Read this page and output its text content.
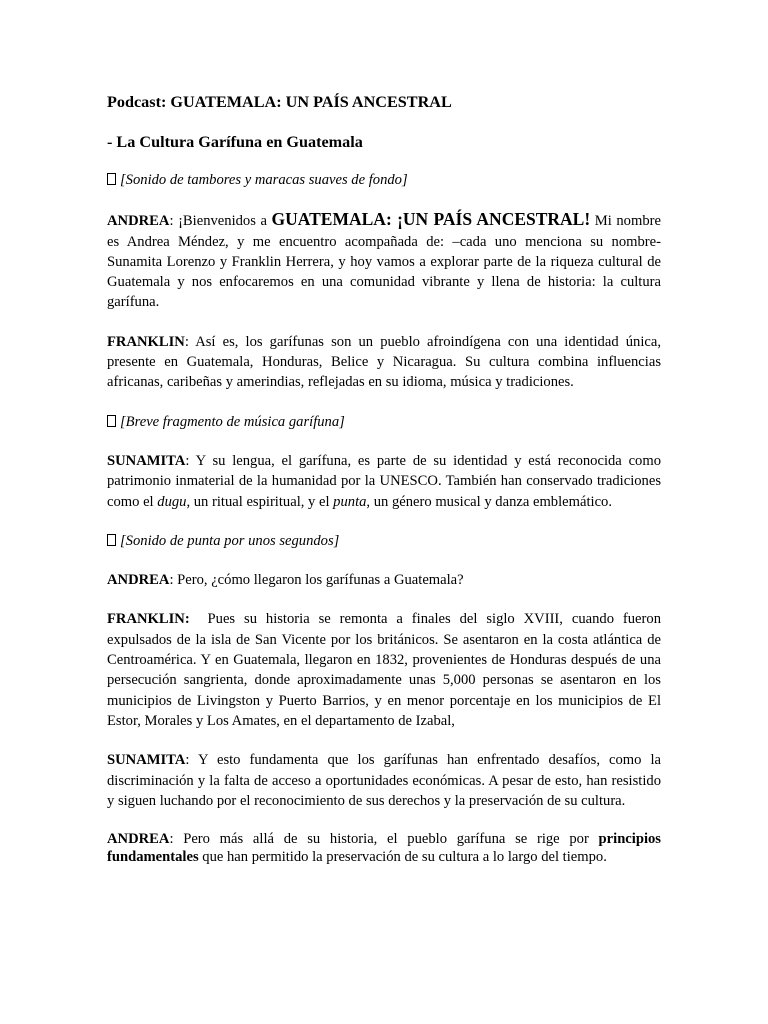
Podcast: GUATEMALA: UN PAÍS ANCESTRAL

- La Cultura Garífuna en Guatemala

[Sonido de tambores y maracas suaves de fondo]

ANDREA: ¡Bienvenidos a GUATEMALA: ¡UN PAÍS ANCESTRAL! Mi nombre es Andrea Méndez, y me encuentro acompañada de: –cada uno menciona su nombre- Sunamita Lorenzo y Franklin Herrera, y hoy vamos a explorar parte de la riqueza cultural de Guatemala y nos enfocaremos en una comunidad vibrante y llena de historia: la cultura garífuna.

FRANKLIN: Así es, los garífunas son un pueblo afroindígena con una identidad única, presente en Guatemala, Honduras, Belice y Nicaragua. Su cultura combina influencias africanas, caribeñas y amerindias, reflejadas en su idioma, música y tradiciones.

[Breve fragmento de música garífuna]

SUNAMITA: Y su lengua, el garífuna, es parte de su identidad y está reconocida como patrimonio inmaterial de la humanidad por la UNESCO. También han conservado tradiciones como el dugu, un ritual espiritual, y el punta, un género musical y danza emblemático.

[Sonido de punta por unos segundos]

ANDREA: Pero, ¿cómo llegaron los garífunas a Guatemala?

FRANKLIN:  Pues su historia se remonta a finales del siglo XVIII, cuando fueron expulsados de la isla de San Vicente por los británicos. Se asentaron en la costa atlántica de Centroamérica. Y en Guatemala, llegaron en 1832, provenientes de Honduras después de una persecución sangrienta, donde aproximadamente unas 5,000 personas se asentaron en los municipios de Livingston y Puerto Barrios, y en menor porcentaje en los municipios de El Estor, Morales y Los Amates, en el departamento de Izabal,

SUNAMITA: Y esto fundamenta que los garífunas han enfrentado desafíos, como la discriminación y la falta de acceso a oportunidades económicas. A pesar de esto, han resistido y siguen luchando por el reconocimiento de sus derechos y la preservación de su cultura.

ANDREA: Pero más allá de su historia, el pueblo garífuna se rige por principios fundamentales que han permitido la preservación de su cultura a lo largo del tiempo.
